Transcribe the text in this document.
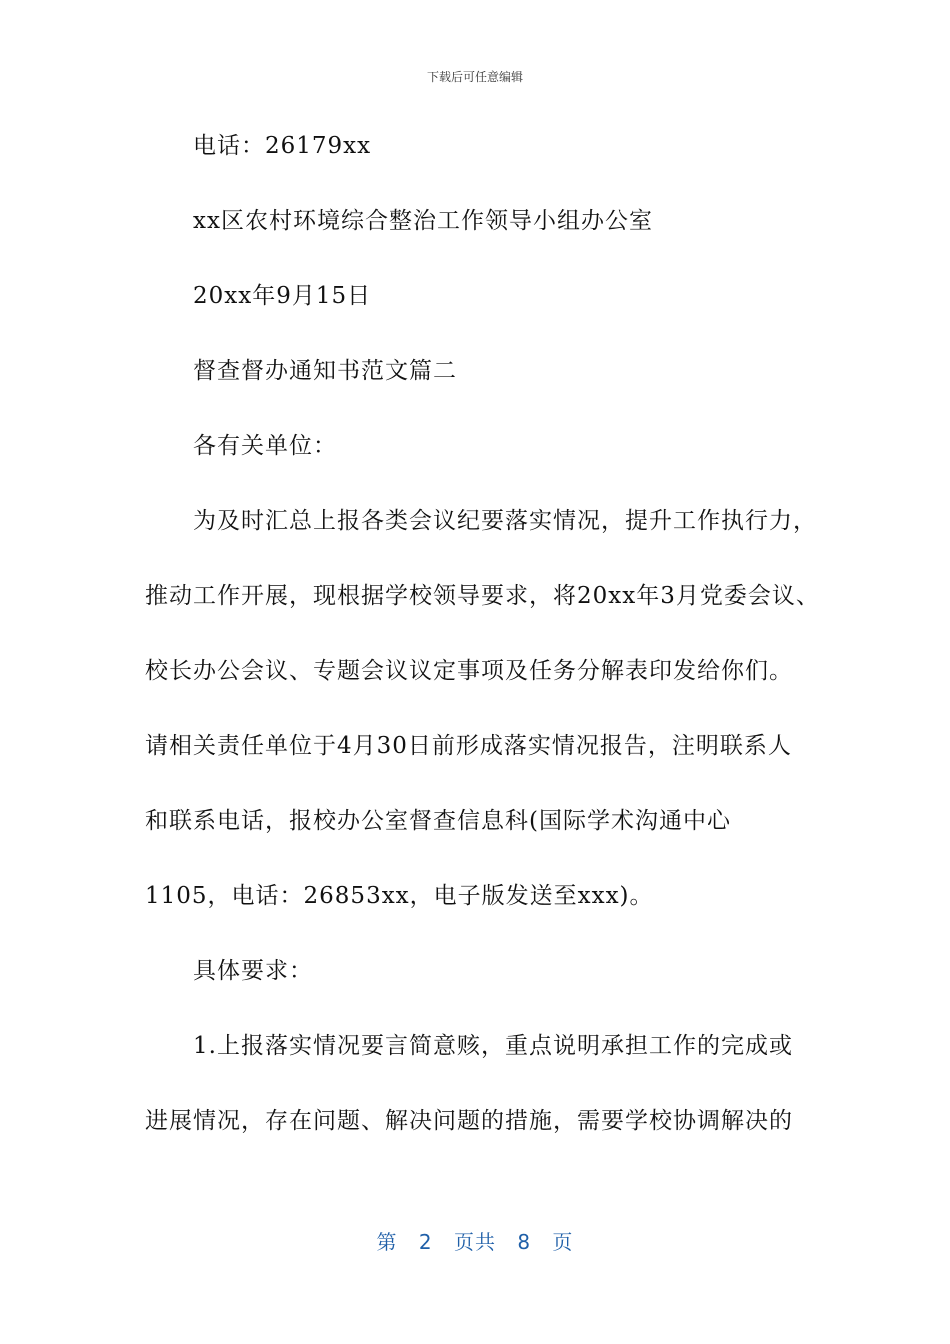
下载后可任意编辑
电话：26179xx
xx区农村环境综合整治工作领导小组办公室
20xx年9月15日
督查督办通知书范文篇二
各有关单位：
为及时汇总上报各类会议纪要落实情况，提升工作执行力，
推动工作开展，现根据学校领导要求，将20xx年3月党委会议、
校长办公会议、专题会议议定事项及任务分解表印发给你们。
请相关责任单位于4月30日前形成落实情况报告，注明联系人
和联系电话，报校办公室督查信息科(国际学术沟通中心
1105，电话：26853xx，电子版发送至xxx)。
具体要求：
1.上报落实情况要言简意赅，重点说明承担工作的完成或
进展情况，存在问题、解决问题的措施，需要学校协调解决的
第 2 页共 8 页
